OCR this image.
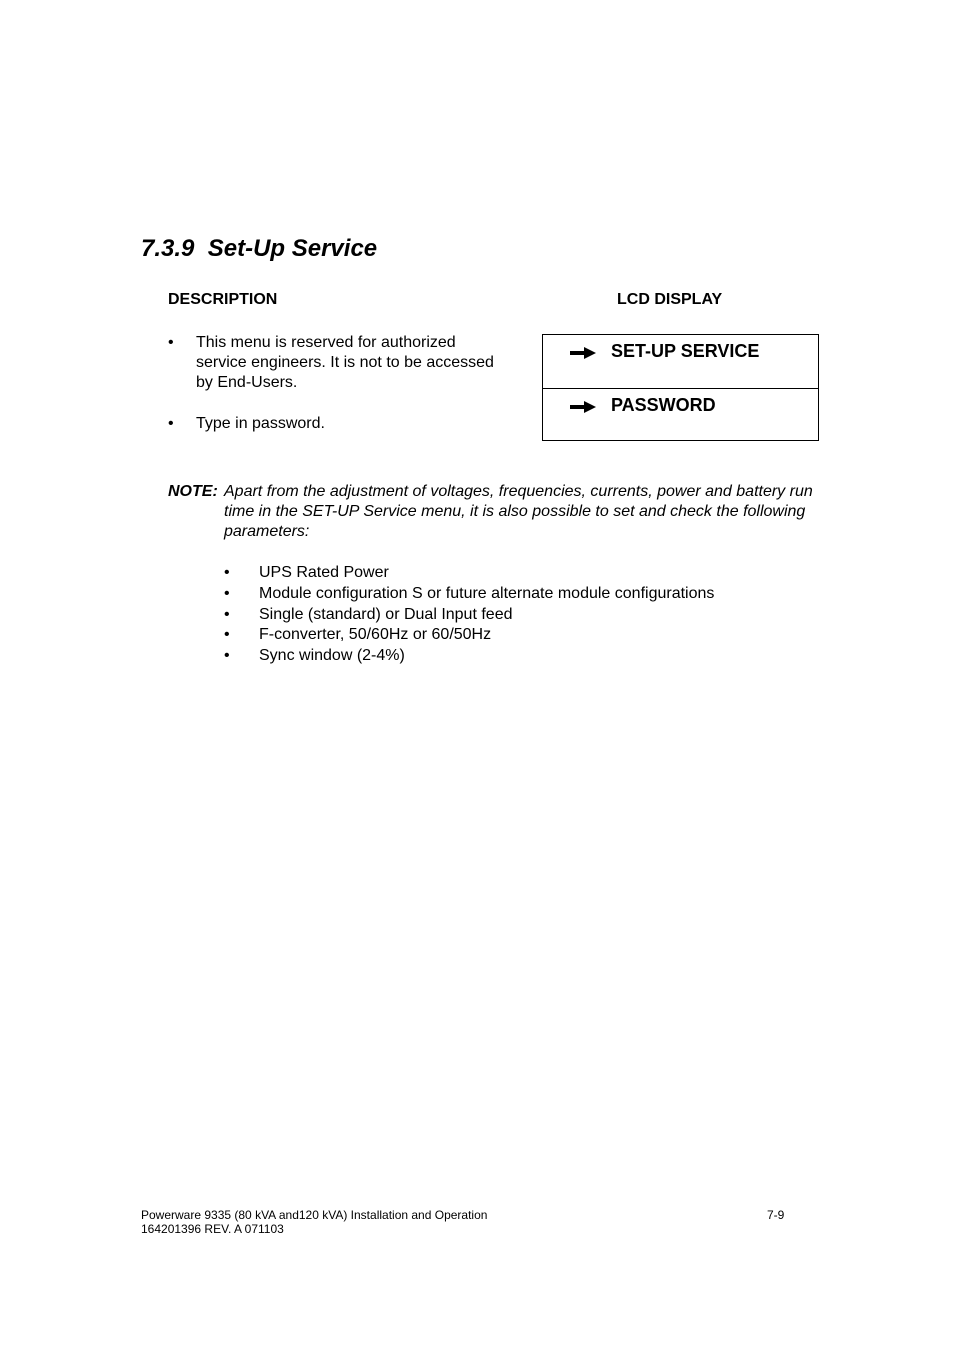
7.3.9 Set-Up Service
DESCRIPTION	LCD DISPLAY
• This menu is reserved for authorized service engineers. It is not to be accessed by End-Users.
• Type in password.
SET-UP SERVICE
PASSWORD
NOTE: Apart from the adjustment of voltages, frequencies, currents, power and battery run time in the SET-UP Service menu, it is also possible to set and check the following parameters:
• UPS Rated Power
• Module configuration S or future alternate module configurations
• Single (standard) or Dual Input feed
• F-converter, 50/60Hz or 60/50Hz
• Sync window (2-4%)
Powerware 9335 (80 kVA and120 kVA) Installation and Operation
164201396 REV. A 071103
7-9
